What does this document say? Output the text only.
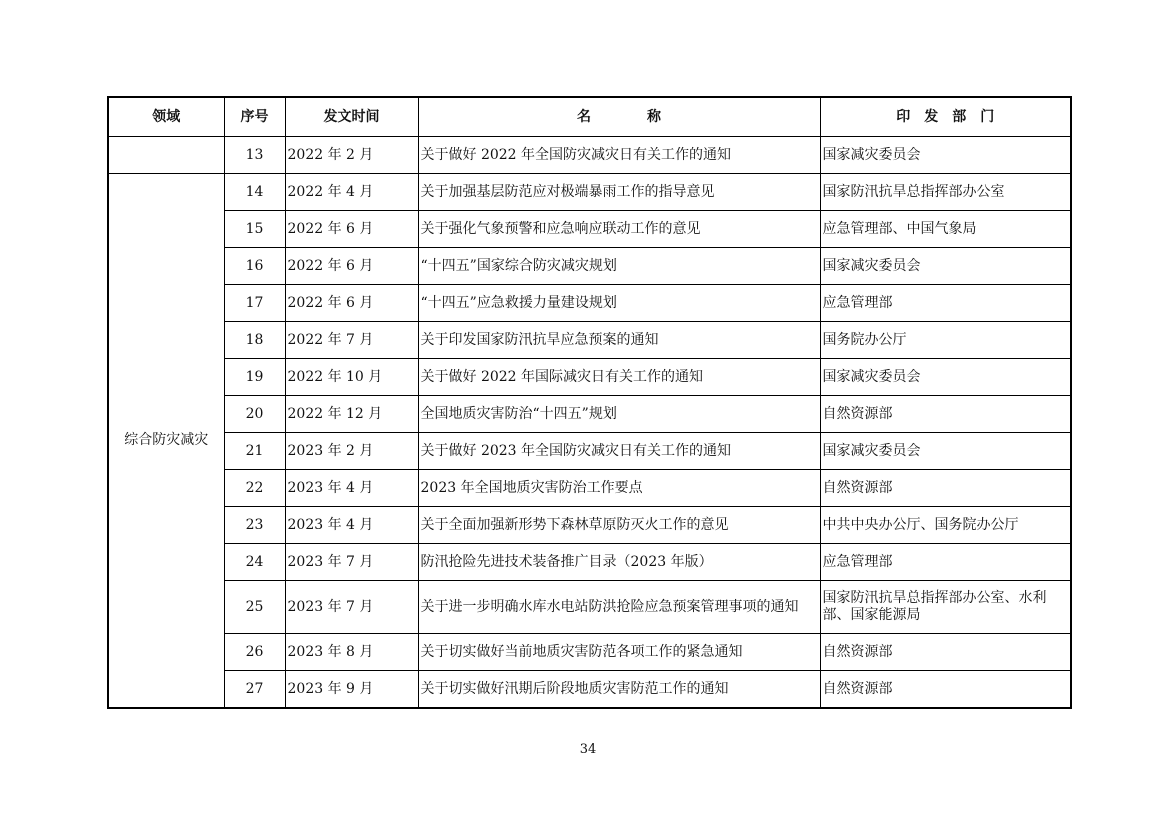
领域	序号	发文时间	名　　　　称	印　发　部　门
	13	2022 年 2 月	关于做好 2022 年全国防灾减灾日有关工作的通知	国家减灾委员会
综合防灾减灾	14	2022 年 4 月	关于加强基层防范应对极端暴雨工作的指导意见	国家防汛抗旱总指挥部办公室
	15	2022 年 6 月	关于强化气象预警和应急响应联动工作的意见	应急管理部、中国气象局
	16	2022 年 6 月	“十四五”国家综合防灾减灾规划	国家减灾委员会
	17	2022 年 6 月	“十四五”应急救援力量建设规划	应急管理部
	18	2022 年 7 月	关于印发国家防汛抗旱应急预案的通知	国务院办公厅
	19	2022 年 10 月	关于做好 2022 年国际减灾日有关工作的通知	国家减灾委员会
	20	2022 年 12 月	全国地质灾害防治“十四五”规划	自然资源部
	21	2023 年 2 月	关于做好 2023 年全国防灾减灾日有关工作的通知	国家减灾委员会
	22	2023 年 4 月	2023 年全国地质灾害防治工作要点	自然资源部
	23	2023 年 4 月	关于全面加强新形势下森林草原防灭火工作的意见	中共中央办公厅、国务院办公厅
	24	2023 年 7 月	防汛抢险先进技术装备推广目录（2023 年版）	应急管理部
	25	2023 年 7 月	关于进一步明确水库水电站防洪抢险应急预案管理事项的通知	国家防汛抗旱总指挥部办公室、水利部、国家能源局
	26	2023 年 8 月	关于切实做好当前地质灾害防范各项工作的紧急通知	自然资源部
	27	2023 年 9 月	关于切实做好汛期后阶段地质灾害防范工作的通知	自然资源部
34
